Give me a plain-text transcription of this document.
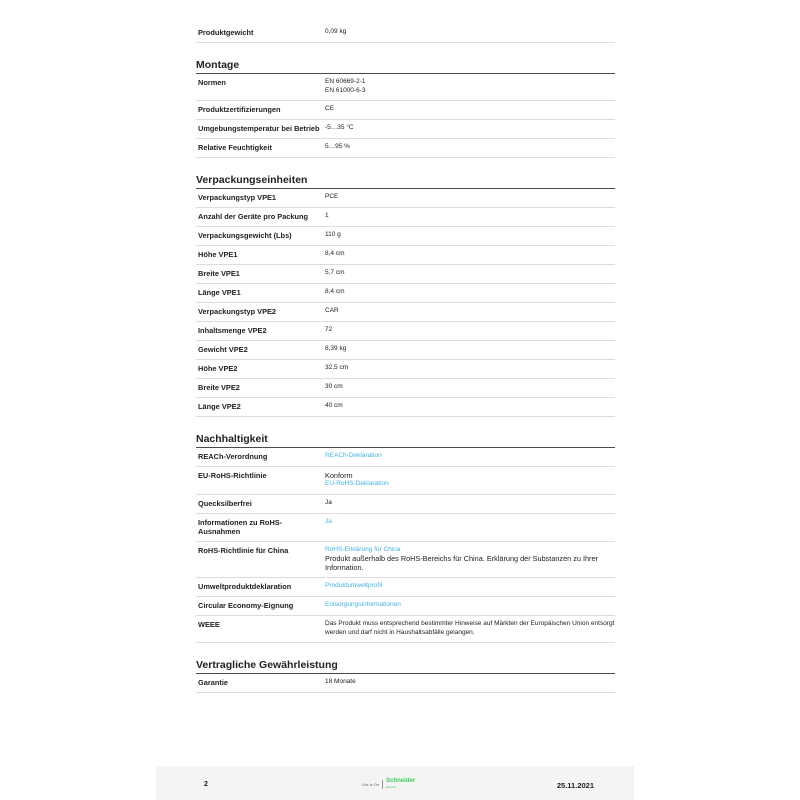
Produktgewicht	0,09 kg
Montage
Normen	EN 60669-2-1
EN 61000-6-3

Produktzertifizierungen	CE

Umgebungstemperatur bei Betrieb	-5…35 °C

Relative Feuchtigkeit	5…95 %
Verpackungseinheiten
Verpackungstyp VPE1	PCE
Anzahl der Geräte pro Packung	1
Verpackungsgewicht (Lbs)	110 g
Höhe VPE1	8,4 cm
Breite VPE1	5,7 cm
Länge VPE1	8,4 cm
Verpackungstyp VPE2	CAR
Inhaltsmenge VPE2	72
Gewicht VPE2	8,39 kg
Höhe VPE2	32,5 cm
Breite VPE2	30 cm
Länge VPE2	40 cm
Nachhaltigkeit
REACh-Verordnung	REACh-Deklaration

EU-RoHS-Richtlinie	Konform
EU-RoHS-Deklaration

Quecksilberfrei	Ja
Informationen zu RoHS-Ausnahmen	Ja

RoHS-Richtlinie für China	RoHS-Erklärung für China
Produkt außerhalb des RoHS-Bereichs für China. Erklärung der Substanzen zu Ihrer Information.

Umweltproduktdeklaration	Produktumweltprofil

Circular Economy-Eignung	Entsorgungsinformationen

WEEE	Das Produkt muss entsprechend bestimmter Hinweise auf Märkten der Europäischen Union entsorgt werden und darf nicht in Haushaltsabfälle gelangen.
Vertragliche Gewährleistung
Garantie	18 Monate
2	Life Is On Schneider
Electric	25.11.2021
